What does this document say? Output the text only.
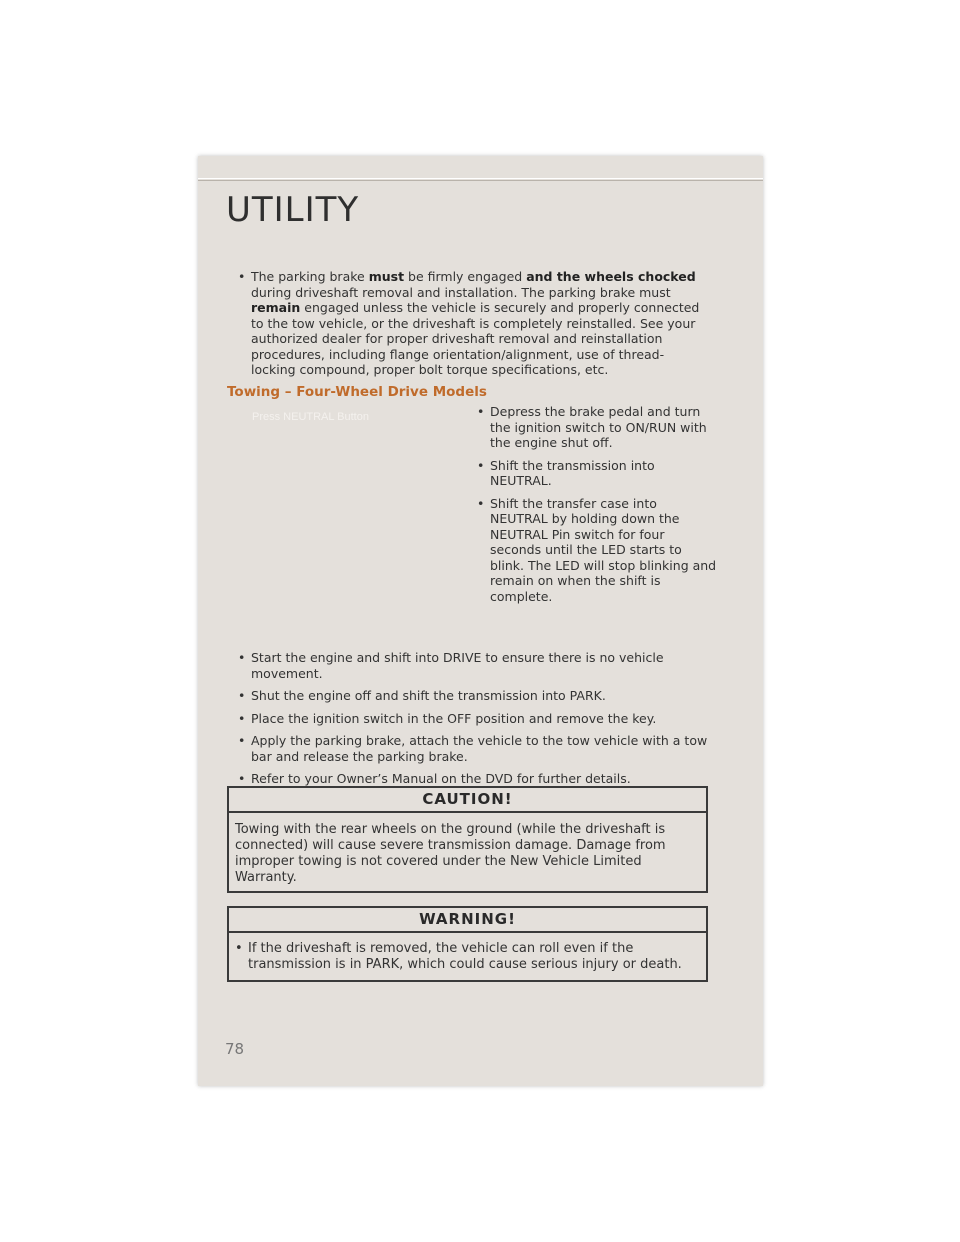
UTILITY
• The parking brake must be firmly engaged and the wheels chocked during driveshaft removal and installation. The parking brake must remain engaged unless the vehicle is securely and properly connected to the tow vehicle, or the driveshaft is completely reinstalled. See your authorized dealer for proper driveshaft removal and reinstallation procedures, including flange orientation/alignment, use of thread-locking compound, proper bolt torque specifications, etc.
Towing – Four-Wheel Drive Models
Press NEUTRAL Button
•	Depress the brake pedal and turn the ignition switch to ON/RUN with the engine shut off.
• Shift the transmission into NEUTRAL.
• Shift the transfer case into NEUTRAL by holding down the NEUTRAL Pin switch for four seconds until the LED starts to blink. The LED will stop blinking and remain on when the shift is complete.
• Start the engine and shift into DRIVE to ensure there is no vehicle movement.
• Shut the engine off and shift the transmission into PARK.
• Place the ignition switch in the OFF position and remove the key.
• Apply the parking brake, attach the vehicle to the tow vehicle with a tow bar and release the parking brake.
• Refer to your Owner’s Manual on the DVD for further details.
CAUTION!
Towing with the rear wheels on the ground (while the driveshaft is connected) will cause severe transmission damage. Damage from improper towing is not covered under the New Vehicle Limited Warranty.
WARNING!
• If the driveshaft is removed, the vehicle can roll even if the transmission is in PARK, which could cause serious injury or death.
78
